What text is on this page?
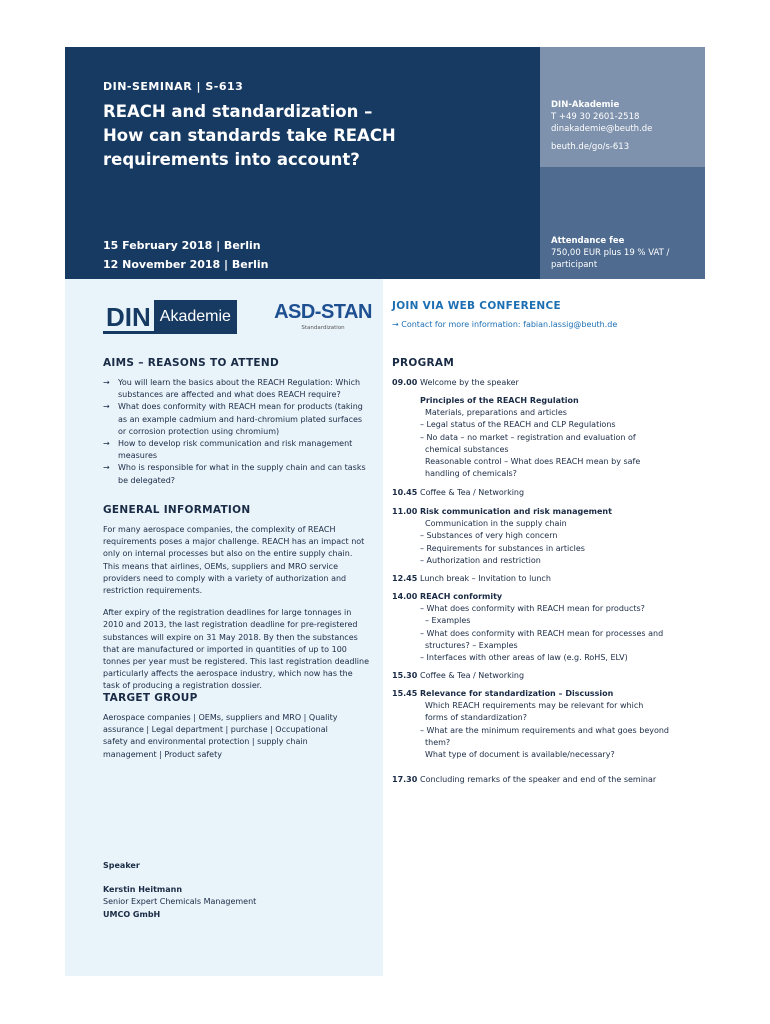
DIN-SEMINAR | S-613
REACH and standardization –
How can standards take REACH
requirements into account?
15 February 2018 | Berlin
12 November 2018 | Berlin
DIN-Akademie
T +49 30 2601-2518
dinakademie@beuth.de
beuth.de/go/s-613
Attendance fee
750,00 EUR plus 19 % VAT /
participant
DIN Akademie	ASD-STAN
Standardization
JOIN VIA WEB CONFERENCE
→ Contact for more information: fabian.lassig@beuth.de
AIMS – REASONS TO ATTEND
→ You will learn the basics about the REACH Regulation: Which substances are affected and what does REACH require?
→ What does conformity with REACH mean for products (taking as an example cadmium and hard-chromium plated surfaces or corrosion protection using chromium)
→ How to develop risk communication and risk management measures
→ Who is responsible for what in the supply chain and can tasks be delegated?
GENERAL INFORMATION

For many aerospace companies, the complexity of REACH requirements poses a major challenge. REACH has an impact not only on internal processes but also on the entire supply chain. This means that airlines, OEMs, suppliers and MRO service providers need to comply with a variety of authorization and restriction requirements.

After expiry of the registration deadlines for large tonnages in 2010 and 2013, the last registration deadline for pre-registered substances will expire on 31 May 2018. By then the substances that are manufactured or imported in quantities of up to 100 tonnes per year must be registered. This last registration deadline particularly affects the aerospace industry, which now has the task of producing a registration dossier.

TARGET GROUP
Aerospace companies | OEMs, suppliers and MRO | Quality assurance | Legal department | purchase | Occupational safety and environmental protection | supply chain management | Product safety
Speaker
Kerstin Heitmann
Senior Expert Chemicals Management
UMCO GmbH
PROGRAM
09.00 Welcome by the speaker
Principles of the REACH Regulation
Materials, preparations and articles
– Legal status of the REACH and CLP Regulations
– No data – no market – registration and evaluation of
chemical substances
Reasonable control – What does REACH mean by safe
handling of chemicals?
10.45 Coffee & Tea / Networking
11.00 Risk communication and risk management
Communication in the supply chain
– Substances of very high concern
– Requirements for substances in articles
– Authorization and restriction
12.45 Lunch break – Invitation to lunch
14.00 REACH conformity
– What does conformity with REACH mean for products?
– Examples
– What does conformity with REACH mean for processes and
structures? – Examples
– Interfaces with other areas of law (e.g. RoHS, ELV)
15.30 Coffee & Tea / Networking
15.45 Relevance for standardization – Discussion
Which REACH requirements may be relevant for which
forms of standardization?
– What are the minimum requirements and what goes beyond
them?
What type of document is available/necessary?
17.30 Concluding remarks of the speaker and end of the seminar
